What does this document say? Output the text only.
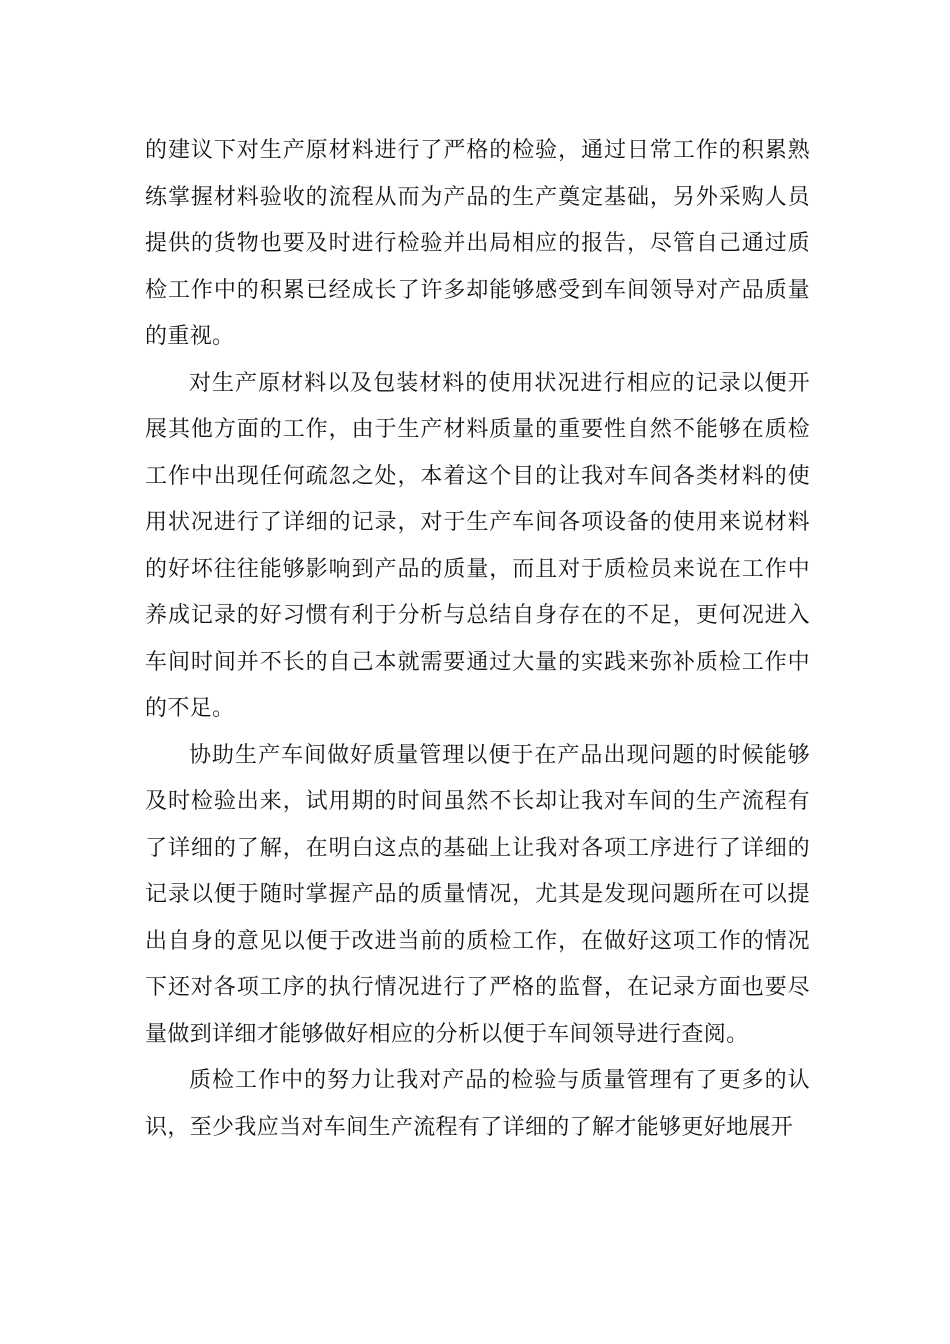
的建议下对生产原材料进行了严格的检验，通过日常工作的积累熟练掌握材料验收的流程从而为产品的生产奠定基础，另外采购人员提供的货物也要及时进行检验并出局相应的报告，尽管自己通过质检工作中的积累已经成长了许多却能够感受到车间领导对产品质量的重视。

对生产原材料以及包装材料的使用状况进行相应的记录以便开展其他方面的工作，由于生产材料质量的重要性自然不能够在质检工作中出现任何疏忽之处，本着这个目的让我对车间各类材料的使用状况进行了详细的记录，对于生产车间各项设备的使用来说材料的好坏往往能够影响到产品的质量，而且对于质检员来说在工作中养成记录的好习惯有利于分析与总结自身存在的不足，更何况进入车间时间并不长的自己本就需要通过大量的实践来弥补质检工作中的不足。

协助生产车间做好质量管理以便于在产品出现问题的时候能够及时检验出来，试用期的时间虽然不长却让我对车间的生产流程有了详细的了解，在明白这点的基础上让我对各项工序进行了详细的记录以便于随时掌握产品的质量情况，尤其是发现问题所在可以提出自身的意见以便于改进当前的质检工作，在做好这项工作的情况下还对各项工序的执行情况进行了严格的监督，在记录方面也要尽量做到详细才能够做好相应的分析以便于车间领导进行查阅。

质检工作中的努力让我对产品的检验与质量管理有了更多的认识，至少我应当对车间生产流程有了详细的了解才能够更好地展开
